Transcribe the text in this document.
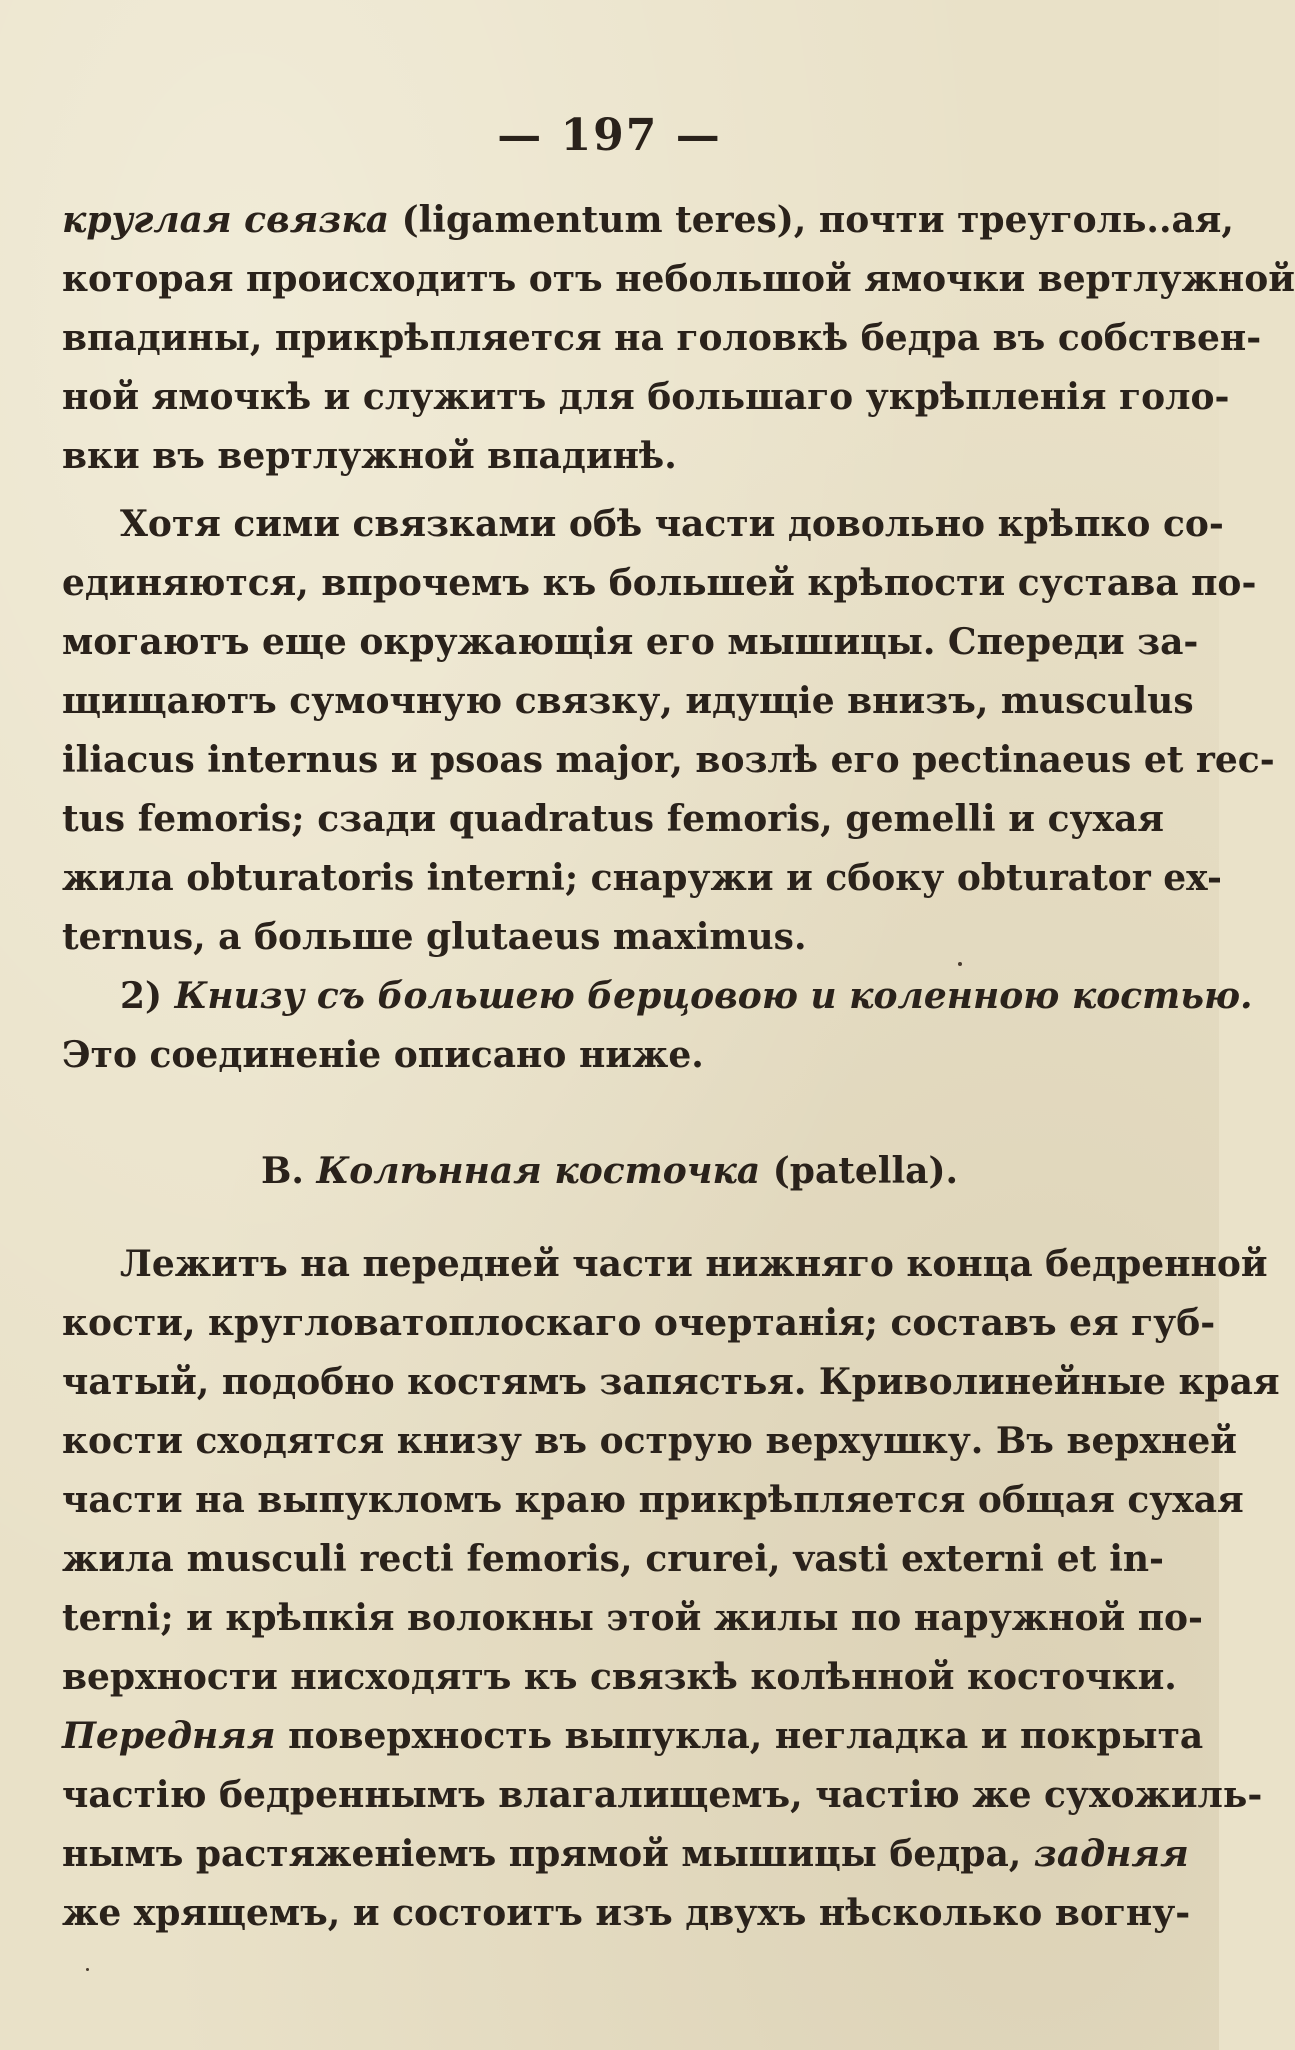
— 197 —
круглая связка (ligamentum teres), почти треуголь..ая,
которая происходитъ отъ небольшой ямочки вертлужной
впадины, прикрѣпляется на головкѣ бедра въ собствен-
ной ямочкѣ и служитъ для большаго укрѣпленія голо-
вки въ вертлужной впадинѣ.
Хотя сими связками обѣ части довольно крѣпко со-
единяются, впрочемъ къ большей крѣпости сустава по-
могаютъ еще окружающія его мышицы. Спереди за-
щищаютъ сумочную связку, идущіе внизъ, musculus
iliacus internus и psoas major, возлѣ его pectinaeus et rec-
tus femoris; сзади quadratus femoris, gemelli и сухая
жила obturatoris interni; снаружи и сбоку obturator ex-
ternus, а больше glutaeus maximus.
2) Книзу съ большею берцовою и коленною костью.
Это соединеніе описано ниже.
B. Колѣнная косточка (patella).
Лежитъ на передней части нижняго конца бедренной
кости, кругловатоплоскаго очертанія; составъ ея губ-
чатый, подобно костямъ запястья. Криволинейные края
кости сходятся книзу въ острую верхушку. Въ верхней
части на выпукломъ краю прикрѣпляется общая сухая
жила musculi recti femoris, crurei, vasti externi et in-
terni; и крѣпкія волокны этой жилы по наружной по-
верхности нисходятъ къ связкѣ колѣнной косточки.
Передняя поверхность выпукла, негладка и покрыта
частію бедреннымъ влагалищемъ, частію же сухожиль-
нымъ растяженіемъ прямой мышицы бедра, задняя
же хрящемъ, и состоитъ изъ двухъ нѣсколько вогну-
